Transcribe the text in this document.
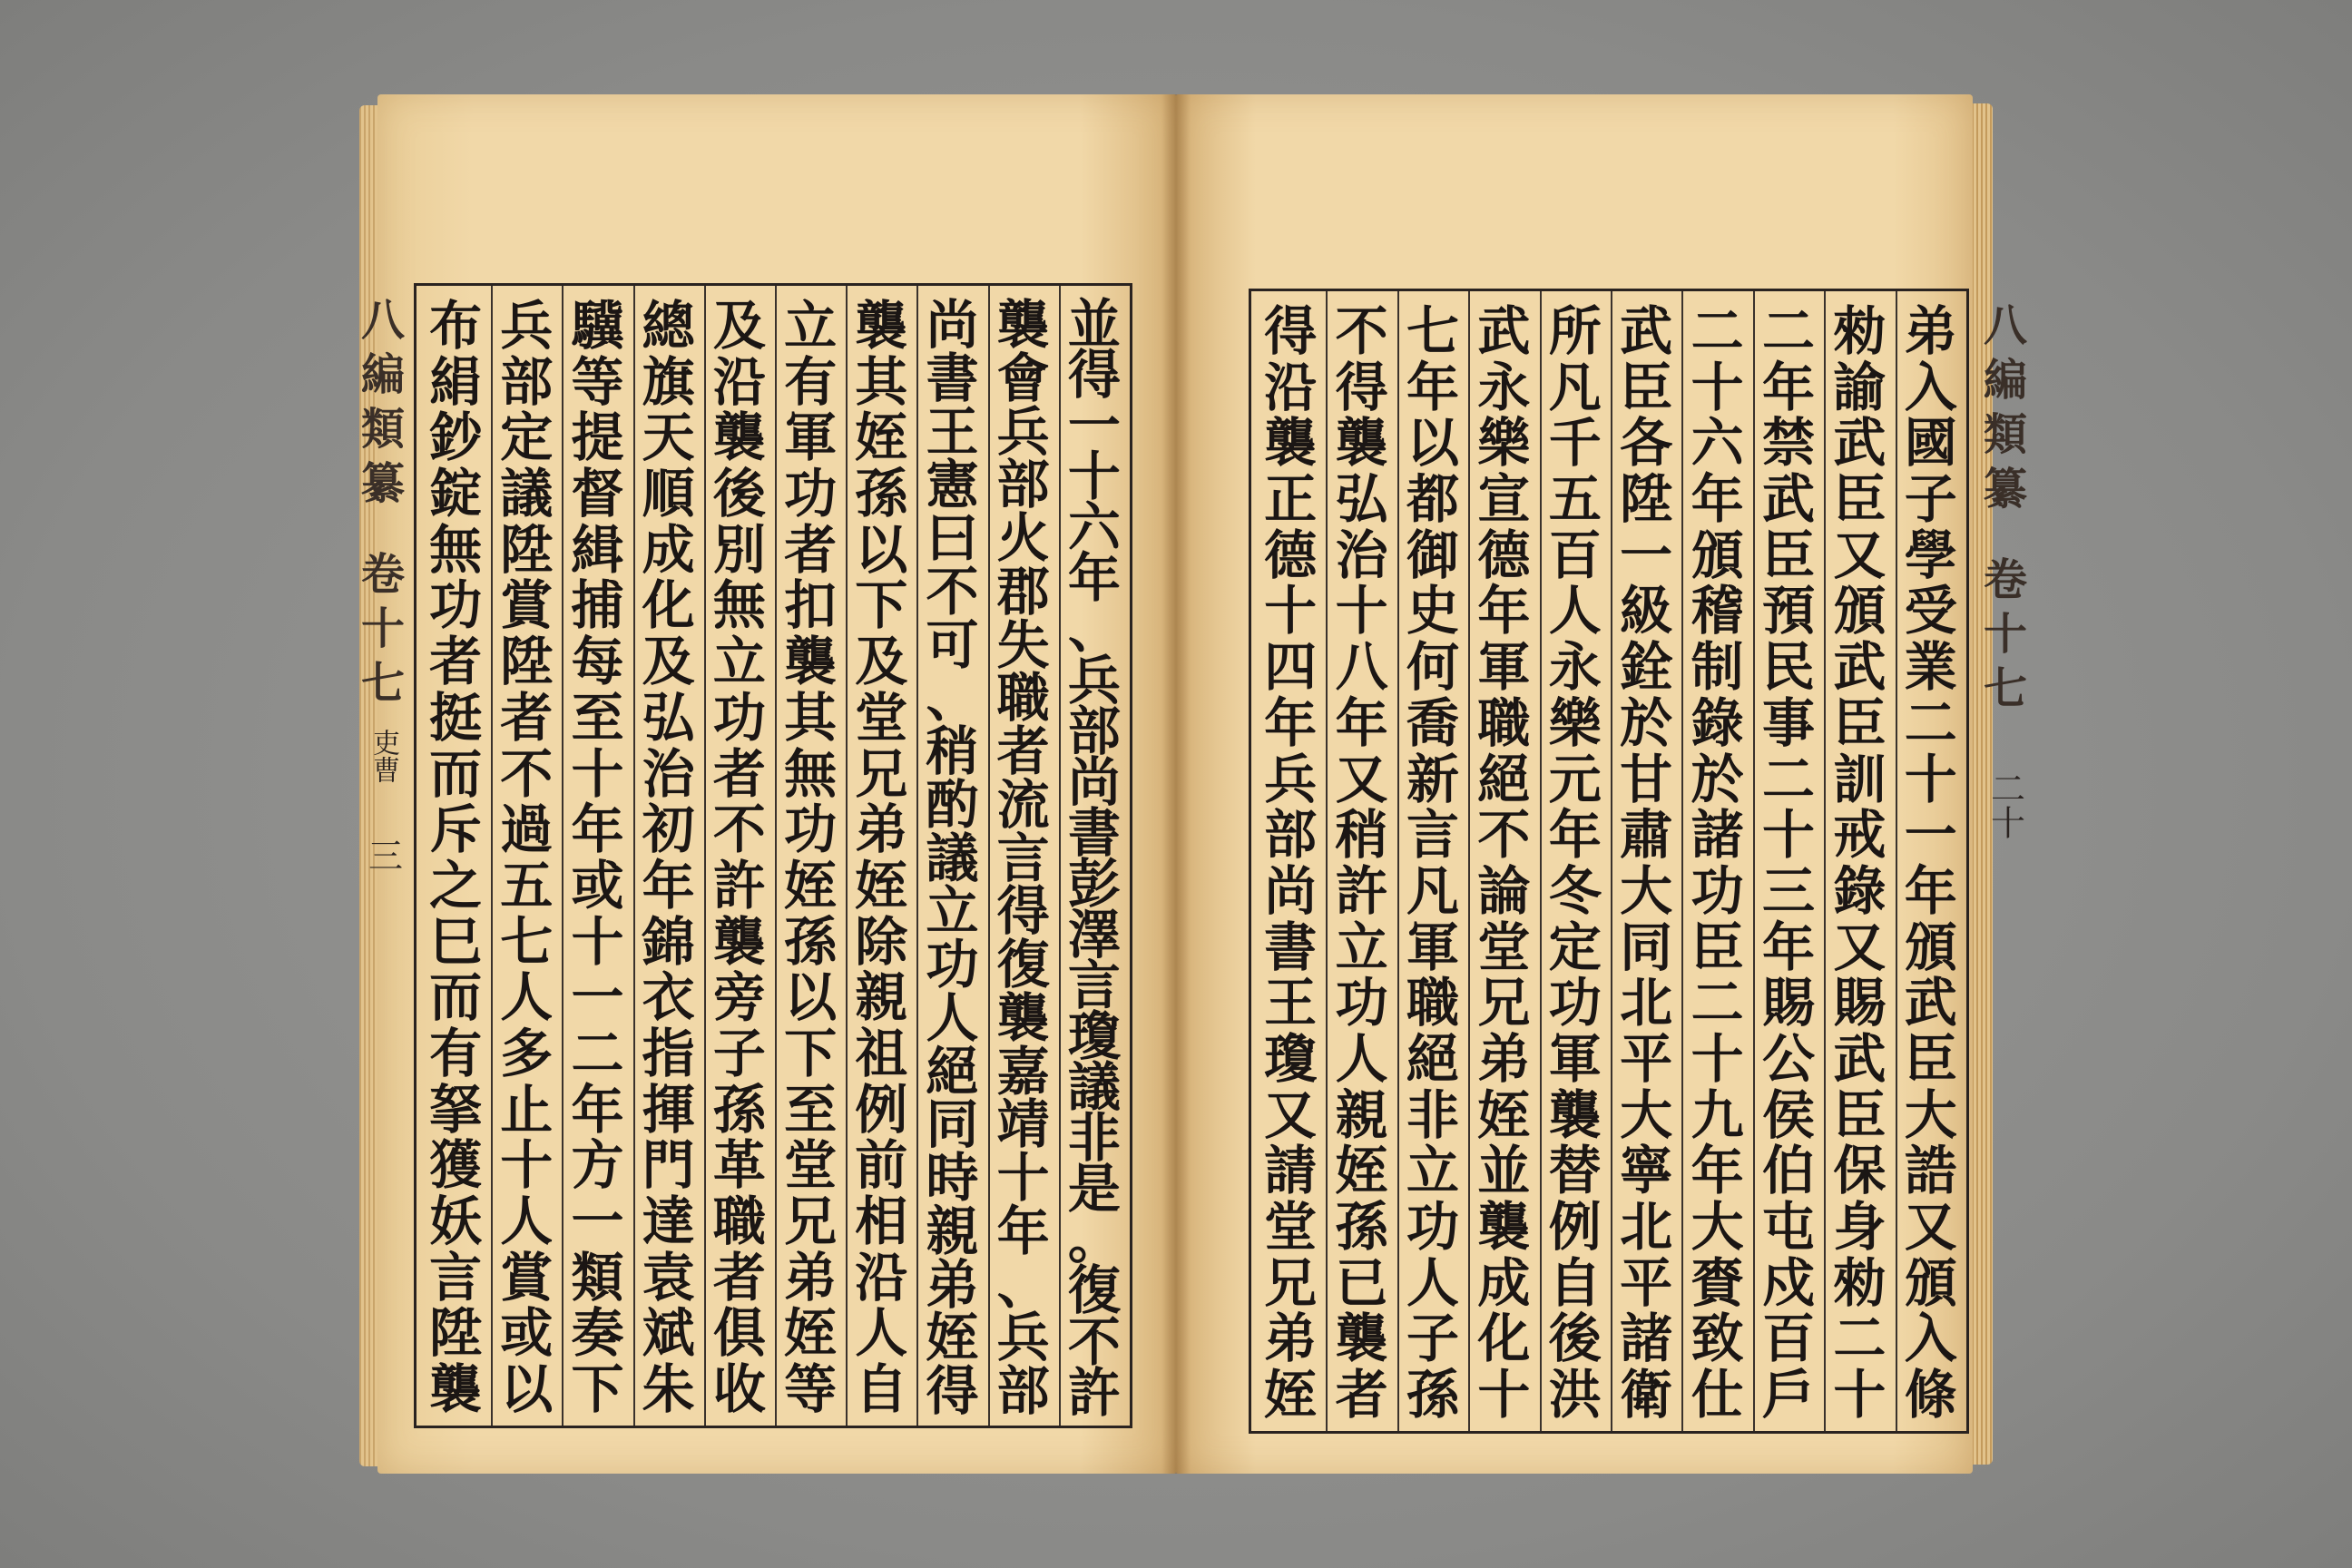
並
得
一
十
六
年
、
兵
部
尚
書
彭
澤
言
瓊
議
非
是
。
復
不
許
襲
會
兵
部
火
郡
失
職
者
流
言
得
復
襲
嘉
靖
十
年
、
兵
部
尚
書
王
憲
曰
不
可
、
稍
酌
議
立
功
人
絕
同
時
親
弟
姪
得
襲
其
姪
孫
以
下
及
堂
兄
弟
姪
除
親
祖
例
前
相
沿
人
自
立
有
軍
功
者
扣
襲
其
無
功
姪
孫
以
下
至
堂
兄
弟
姪
等
及
沿
襲
後
別
無
立
功
者
不
許
襲
旁
子
孫
革
職
者
俱
收
總
旗
天
順
成
化
及
弘
治
初
年
錦
衣
指
揮
門
達
袁
斌
朱
驥
等
提
督
緝
捕
每
至
十
年
或
十
一
二
年
方
一
類
奏
下
兵
部
定
議
陞
賞
陞
者
不
過
五
七
人
多
止
十
人
賞
或
以
布
絹
鈔
錠
無
功
者
挺
而
斥
之
巳
而
有
拏
獲
妖
言
陞
襲
八
編
類
纂
卷
十
七
吏曹
三
弟
入
國
子
學
受
業
二
十
一
年
頒
武
臣
大
誥
又
頒
入
條
勑
諭
武
臣
又
頒
武
臣
訓
戒
錄
又
賜
武
臣
保
身
勑
二
十
二
年
禁
武
臣
預
民
事
二
十
三
年
賜
公
侯
伯
屯
戍
百
戶
二
十
六
年
頒
稽
制
錄
於
諸
功
臣
二
十
九
年
大
賚
致
仕
武
臣
各
陞
一
級
銓
於
甘
肅
大
同
北
平
大
寧
北
平
諸
衛
所
凡
千
五
百
人
永
樂
元
年
冬
定
功
軍
襲
替
例
自
後
洪
武
永
樂
宣
德
年
軍
職
絕
不
論
堂
兄
弟
姪
並
襲
成
化
十
七
年
以
都
御
史
何
喬
新
言
凡
軍
職
絕
非
立
功
人
子
孫
不
得
襲
弘
治
十
八
年
又
稍
許
立
功
人
親
姪
孫
已
襲
者
得
沿
襲
正
德
十
四
年
兵
部
尚
書
王
瓊
又
請
堂
兄
弟
姪
八
編
類
纂
卷
十
七
二十
